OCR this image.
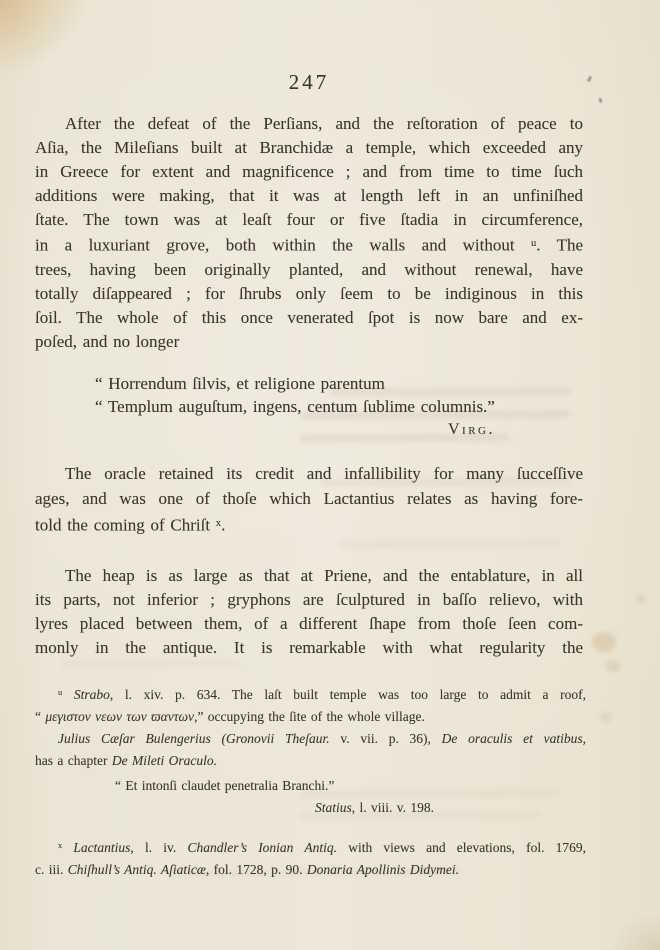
247
After the defeat of the Perſians, and the reſtoration of peace to
Aſia, the Mileſians built at Branchidæ a temple, which exceeded any
in Greece for extent and magnificence ; and from time to time ſuch
additions were making, that it was at length left in an unfiniſhed
ſtate. The town was at leaſt four or five ſtadia in circumference,
in a luxuriant grove, both within the walls and without $^u$. The
trees, having been originally planted, and without renewal, have
totally diſappeared ; for ſhrubs only ſeem to be indiginous in this
ſoil. The whole of this once venerated ſpot is now bare and ex-
poſed, and no longer
“ Horrendum ſilvis, et religione parentum
“ Templum auguſtum, ingens, centum ſublime columnis.”
Virg.
The oracle retained its credit and infallibility for many ſucceſſive
ages, and was one of thoſe which Lactantius relates as having fore-
told the coming of Chriſt $^x$.
The heap is as large as that at Priene, and the entablature, in all
its parts, not inferior ; gryphons are ſculptured in baſſo relievo, with
lyres placed between them, of a different ſhape from thoſe ſeen com-
monly in the antique. It is remarkable with what regularity the
$^u$ Strabo, l. xiv. p. 634. The laſt built temple was too large to admit a roof,
“ μεγιστον νεων των ϖαντων,” occupying the ſite of the whole village.
Julius Cæſar Bulengerius (Gronovii Theſaur. v. vii. p. 36), De oraculis et vatibus,
has a chapter De Mileti Oraculo.
“ Et intonſi claudet penetralia Branchi.”
Statius, l. viii. v. 198.
$^x$ Lactantius, l. iv. Chandler’s Ionian Antiq. with views and elevations, fol. 1769,
c. iii. Chiſhull’s Antiq. Aſiaticæ, fol. 1728, p. 90. Donaria Apollinis Didymei.
